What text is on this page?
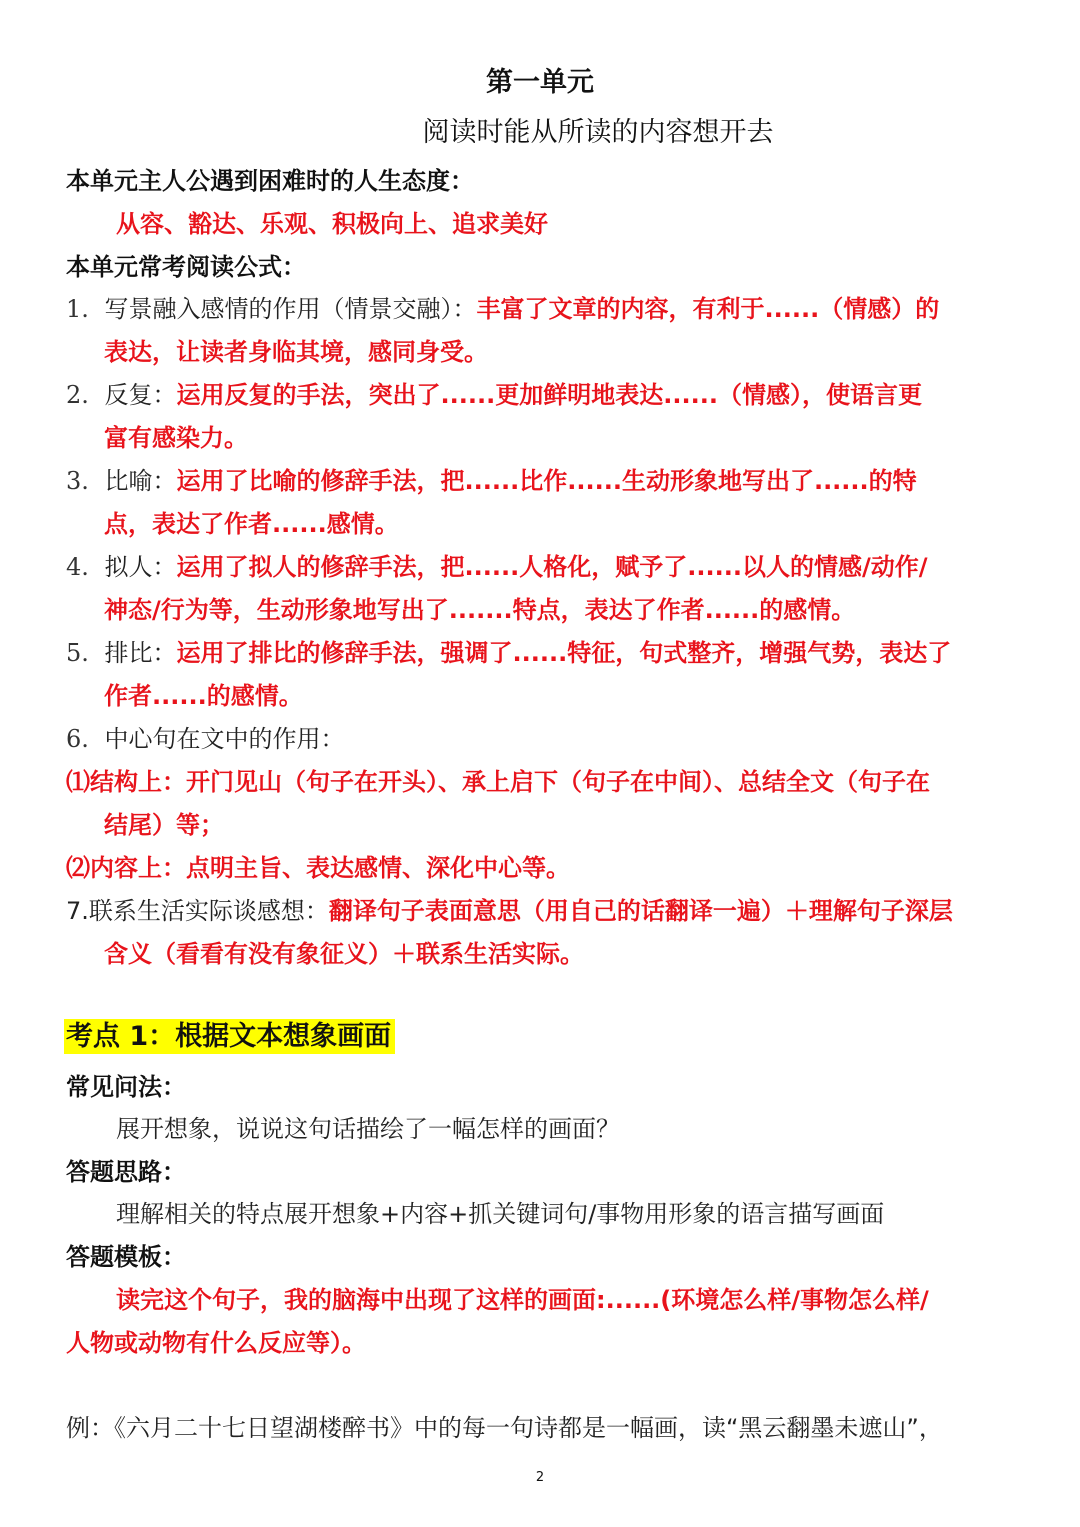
第一单元
阅读时能从所读的内容想开去
本单元主人公遇到困难时的人生态度：
从容、豁达、乐观、积极向上、追求美好
本单元常考阅读公式：
1. 写景融入感情的作用（情景交融）：丰富了文章的内容，有利于......（情感）的
表达，让读者身临其境，感同身受。
2. 反复：运用反复的手法，突出了......更加鲜明地表达......（情感），使语言更
富有感染力。
3. 比喻：运用了比喻的修辞手法，把......比作......生动形象地写出了......的特
点，表达了作者......感情。
4. 拟人：运用了拟人的修辞手法，把......人格化，赋予了......以人的情感/动作/
神态/行为等，生动形象地写出了.......特点，表达了作者......的感情。
5. 排比：运用了排比的修辞手法，强调了......特征，句式整齐，增强气势，表达了
作者......的感情。
6. 中心句在文中的作用：
⑴结构上：开门见山（句子在开头）、承上启下（句子在中间）、总结全文（句子在
结尾）等；
⑵内容上：点明主旨、表达感情、深化中心等。
7.联系生活实际谈感想：翻译句子表面意思（用自己的话翻译一遍）＋理解句子深层
含义（看看有没有象征义）＋联系生活实际。
考点 1：根据文本想象画面
常见问法：
展开想象，说说这句话描绘了一幅怎样的画面？
答题思路：
理解相关的特点展开想象+内容+抓关键词句/事物用形象的语言描写画面
答题模板：
读完这个句子，我的脑海中出现了这样的画面:......(环境怎么样/事物怎么样/
人物或动物有什么反应等）。
例：《六月二十七日望湖楼醉书》中的每一句诗都是一幅画，读“黑云翻墨未遮山”，
2
